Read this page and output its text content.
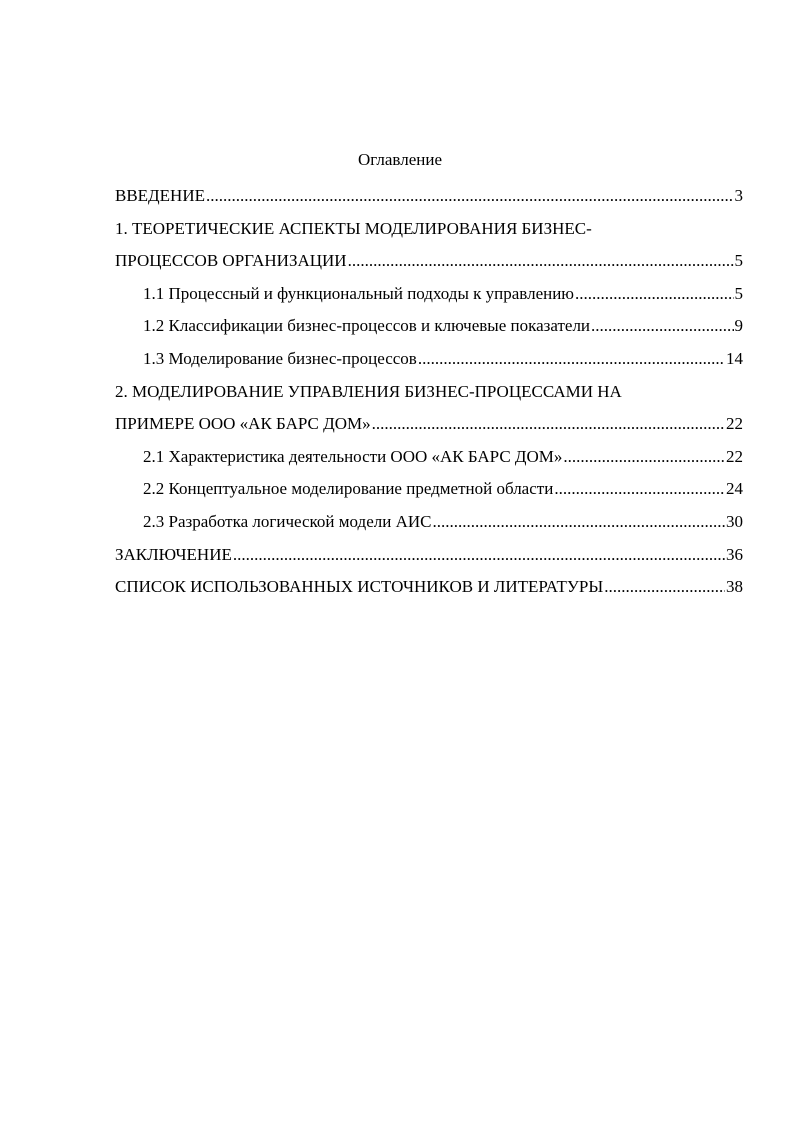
Оглавление
ВВЕДЕНИЕ .....	3
1. ТЕОРЕТИЧЕСКИЕ АСПЕКТЫ МОДЕЛИРОВАНИЯ БИЗНЕС-
ПРОЦЕССОВ ОРГАНИЗАЦИИ .....	5
1.1 Процессный и функциональный подходы к управлению .....	5
1.2 Классификации бизнес-процессов и ключевые показатели .....	9
1.3 Моделирование бизнес-процессов .....	14
2. МОДЕЛИРОВАНИЕ УПРАВЛЕНИЯ БИЗНЕС-ПРОЦЕССАМИ НА
ПРИМЕРЕ ООО «АК БАРС ДОМ» .....	22
2.1 Характеристика деятельности ООО «АК БАРС ДОМ» .....	22
2.2 Концептуальное моделирование предметной области .....	24
2.3 Разработка логической модели АИС .....	30
ЗАКЛЮЧЕНИЕ .....	36
СПИСОК ИСПОЛЬЗОВАННЫХ ИСТОЧНИКОВ И ЛИТЕРАТУРЫ .....	38
